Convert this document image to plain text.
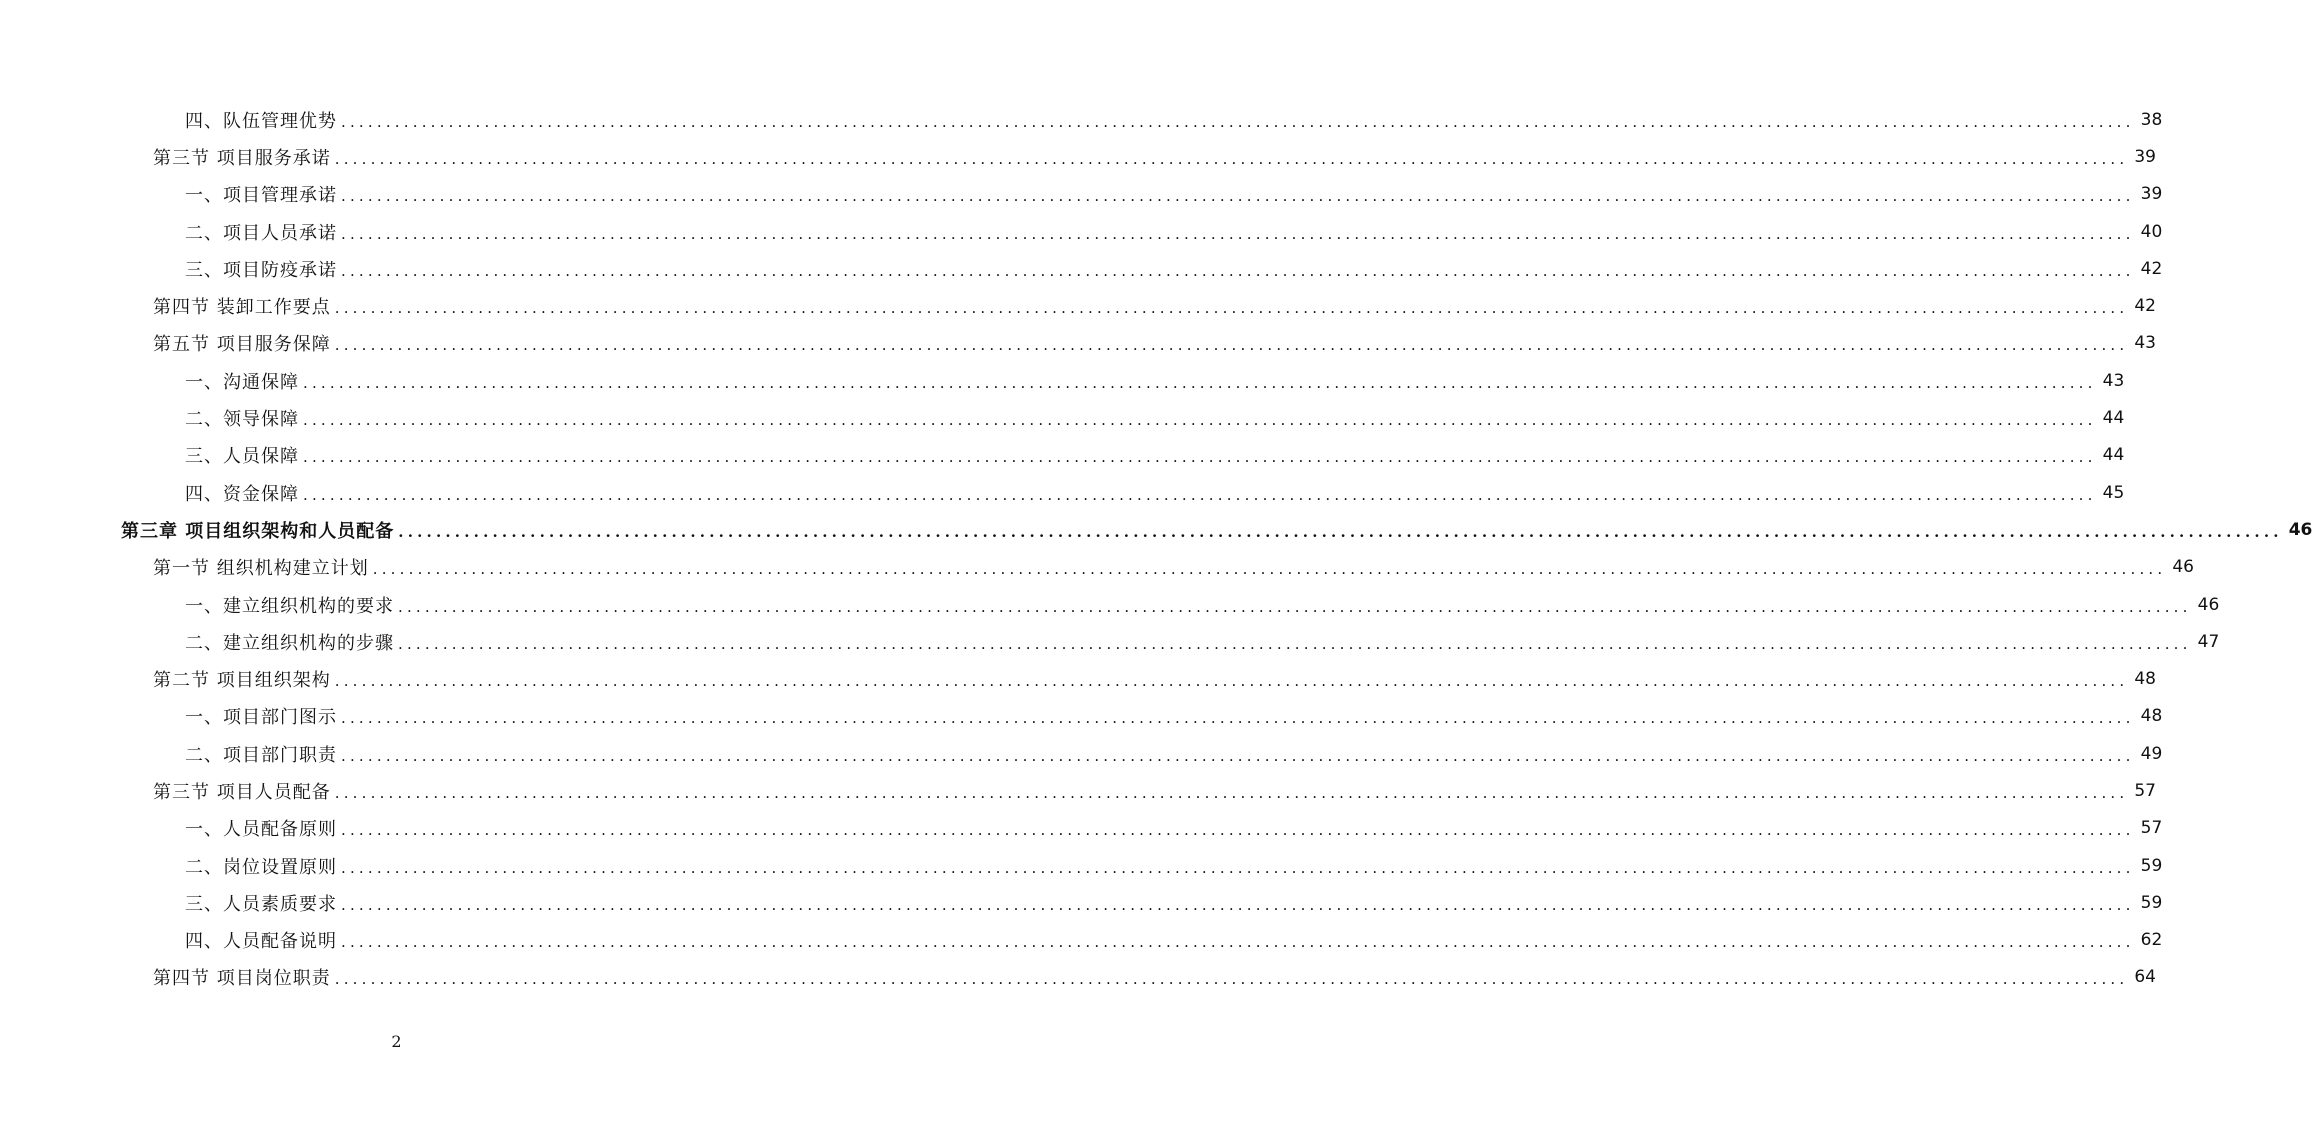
四、队伍管理优势 ........................................................................................................................................................................................................ 38
第三节 项目服务承诺 ........................................................................................................................................................................................................ 39
一、项目管理承诺 ........................................................................................................................................................................................................ 39
二、项目人员承诺 ........................................................................................................................................................................................................ 40
三、项目防疫承诺 ........................................................................................................................................................................................................ 42
第四节 装卸工作要点 ........................................................................................................................................................................................................ 42
第五节 项目服务保障 ........................................................................................................................................................................................................ 43
一、沟通保障 ........................................................................................................................................................................................................ 43
二、领导保障 ........................................................................................................................................................................................................ 44
三、人员保障 ........................................................................................................................................................................................................ 44
四、资金保障 ........................................................................................................................................................................................................ 45
第三章 项目组织架构和人员配备 ........................................................................................................................................................................................................ 46
第一节 组织机构建立计划 ........................................................................................................................................................................................................ 46
一、建立组织机构的要求 ........................................................................................................................................................................................................ 46
二、建立组织机构的步骤 ........................................................................................................................................................................................................ 47
第二节 项目组织架构 ........................................................................................................................................................................................................ 48
一、项目部门图示 ........................................................................................................................................................................................................ 48
二、项目部门职责 ........................................................................................................................................................................................................ 49
第三节 项目人员配备 ........................................................................................................................................................................................................ 57
一、人员配备原则 ........................................................................................................................................................................................................ 57
二、岗位设置原则 ........................................................................................................................................................................................................ 59
三、人员素质要求 ........................................................................................................................................................................................................ 59
四、人员配备说明 ........................................................................................................................................................................................................ 62
第四节 项目岗位职责 ........................................................................................................................................................................................................ 64
2
